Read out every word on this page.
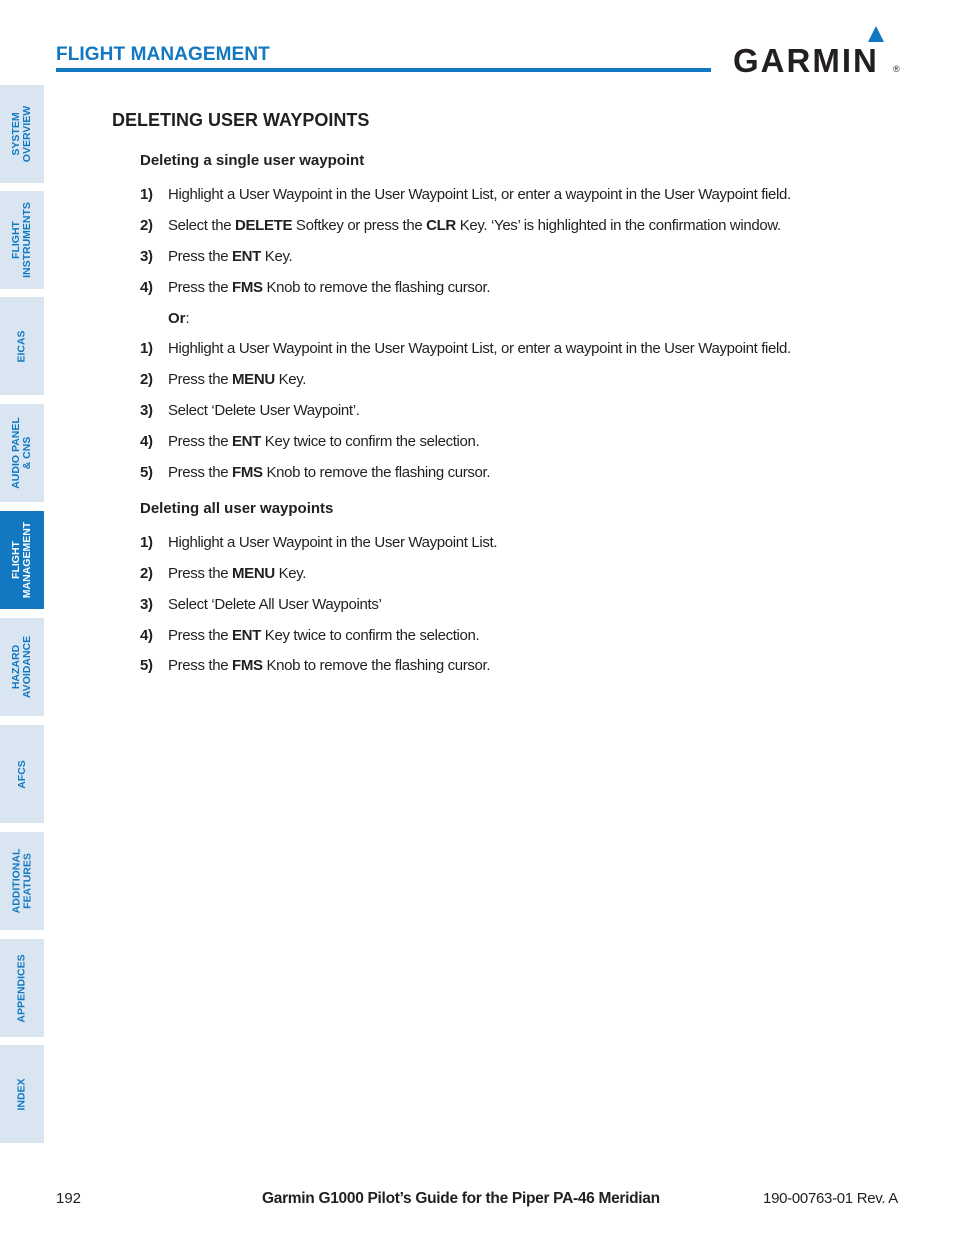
FLIGHT MANAGEMENT	GARMIN ®
SYSTEM
OVERVIEW
FLIGHT
INSTRUMENTS
EICAS
AUDIO PANEL
& CNS
FLIGHT
MANAGEMENT
HAZARD
AVOIDANCE
AFCS
ADDITIONAL
FEATURES
APPENDICES
INDEX
DELETING USER WAYPOINTS
Deleting a single user waypoint
1) Highlight a User Waypoint in the User Waypoint List, or enter a waypoint in the User Waypoint field.
2) Select the DELETE Softkey or press the CLR Key. ‘Yes’ is highlighted in the confirmation window.
3) Press the ENT Key.
4) Press the FMS Knob to remove the flashing cursor.
Or:
1) Highlight a User Waypoint in the User Waypoint List, or enter a waypoint in the User Waypoint field.
2) Press the MENU Key.
3) Select ‘Delete User Waypoint’.
4) Press the ENT Key twice to confirm the selection.
5) Press the FMS Knob to remove the flashing cursor.
Deleting all user waypoints
1) Highlight a User Waypoint in the User Waypoint List.
2) Press the MENU Key.
3) Select ‘Delete All User Waypoints’
4) Press the ENT Key twice to confirm the selection.
5) Press the FMS Knob to remove the flashing cursor.
192	Garmin G1000 Pilot’s Guide for the Piper PA-46 Meridian	190-00763-01 Rev. A
